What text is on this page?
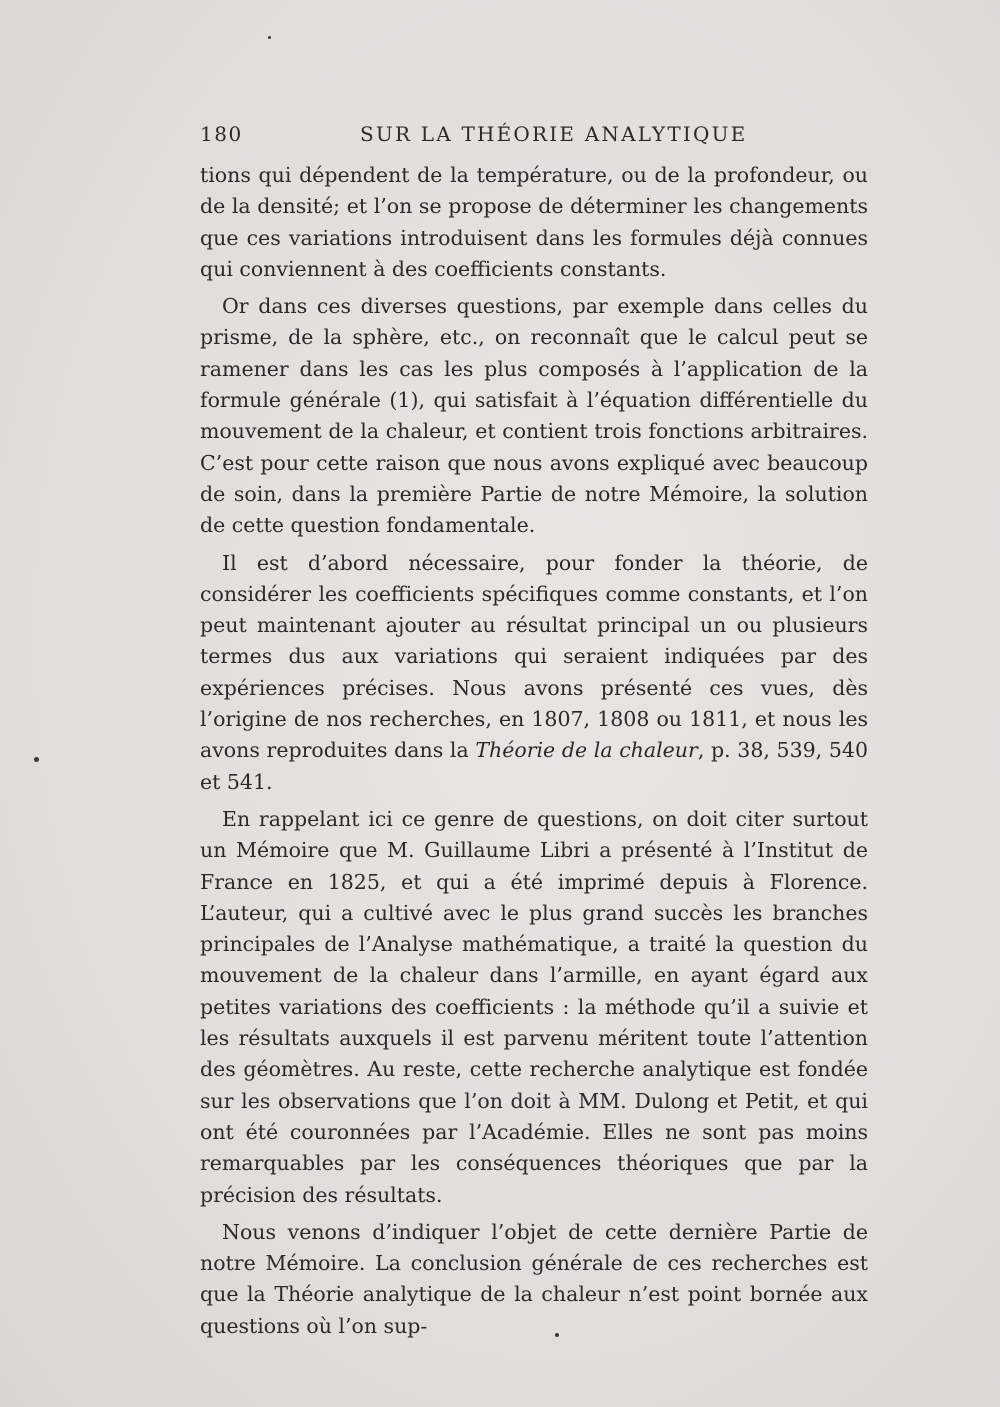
180	SUR LA THÉORIE ANALYTIQUE

tions qui dépendent de la température, ou de la profondeur, ou de la densité; et l’on se propose de déterminer les changements que ces variations introduisent dans les formules déjà connues qui conviennent à des coefficients constants.

Or dans ces diverses questions, par exemple dans celles du prisme, de la sphère, etc., on reconnaît que le calcul peut se ramener dans les cas les plus composés à l’application de la formule générale (1), qui satisfait à l’équation différentielle du mouvement de la chaleur, et contient trois fonctions arbitraires. C’est pour cette raison que nous avons expliqué avec beaucoup de soin, dans la première Partie de notre Mémoire, la solution de cette question fondamentale.

Il est d’abord nécessaire, pour fonder la théorie, de considérer les coefficients spécifiques comme constants, et l’on peut maintenant ajouter au résultat principal un ou plusieurs termes dus aux variations qui seraient indiquées par des expériences précises. Nous avons présenté ces vues, dès l’origine de nos recherches, en 1807, 1808 ou 1811, et nous les avons reproduites dans la Théorie de la chaleur, p. 38, 539, 540 et 541.

En rappelant ici ce genre de questions, on doit citer surtout un Mémoire que M. Guillaume Libri a présenté à l’Institut de France en 1825, et qui a été imprimé depuis à Florence. L’auteur, qui a cultivé avec le plus grand succès les branches principales de l’Analyse mathématique, a traité la question du mouvement de la chaleur dans l’armille, en ayant égard aux petites variations des coefficients : la méthode qu’il a suivie et les résultats auxquels il est parvenu méritent toute l’attention des géomètres. Au reste, cette recherche analytique est fondée sur les observations que l’on doit à MM. Dulong et Petit, et qui ont été couronnées par l’Académie. Elles ne sont pas moins remarquables par les conséquences théoriques que par la précision des résultats.

Nous venons d’indiquer l’objet de cette dernière Partie de notre Mémoire. La conclusion générale de ces recherches est que la Théorie analytique de la chaleur n’est point bornée aux questions où l’on sup-
